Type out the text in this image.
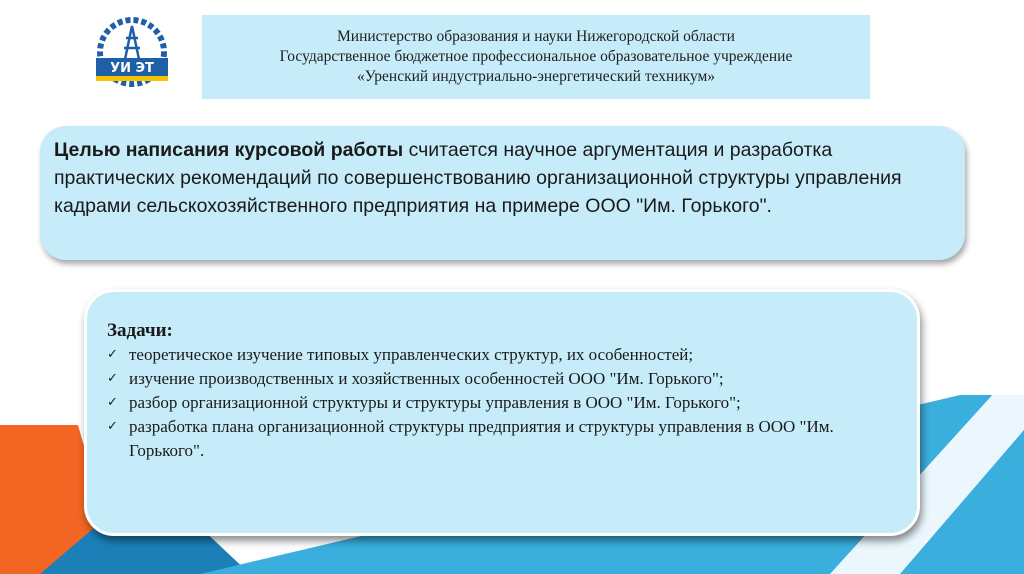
УИ ЭТ
Министерство образования и науки Нижегородской области
Государственное бюджетное профессиональное образовательное учреждение
«Уренский индустриально-энергетический техникум»
Целью написания курсовой работы считается научное аргументация и разработка практических рекомендаций по совершенствованию организационной структуры управления кадрами сельскохозяйственного предприятия на примере ООО "Им. Горького".
Задачи:
✓ теоретическое изучение типовых управленческих структур, их особенностей;
✓ изучение производственных и хозяйственных особенностей ООО "Им. Горького";
✓ разбор организационной структуры и структуры управления в ООО "Им. Горького";
✓ разработка плана организационной структуры предприятия и структуры управления в ООО "Им. Горького".
